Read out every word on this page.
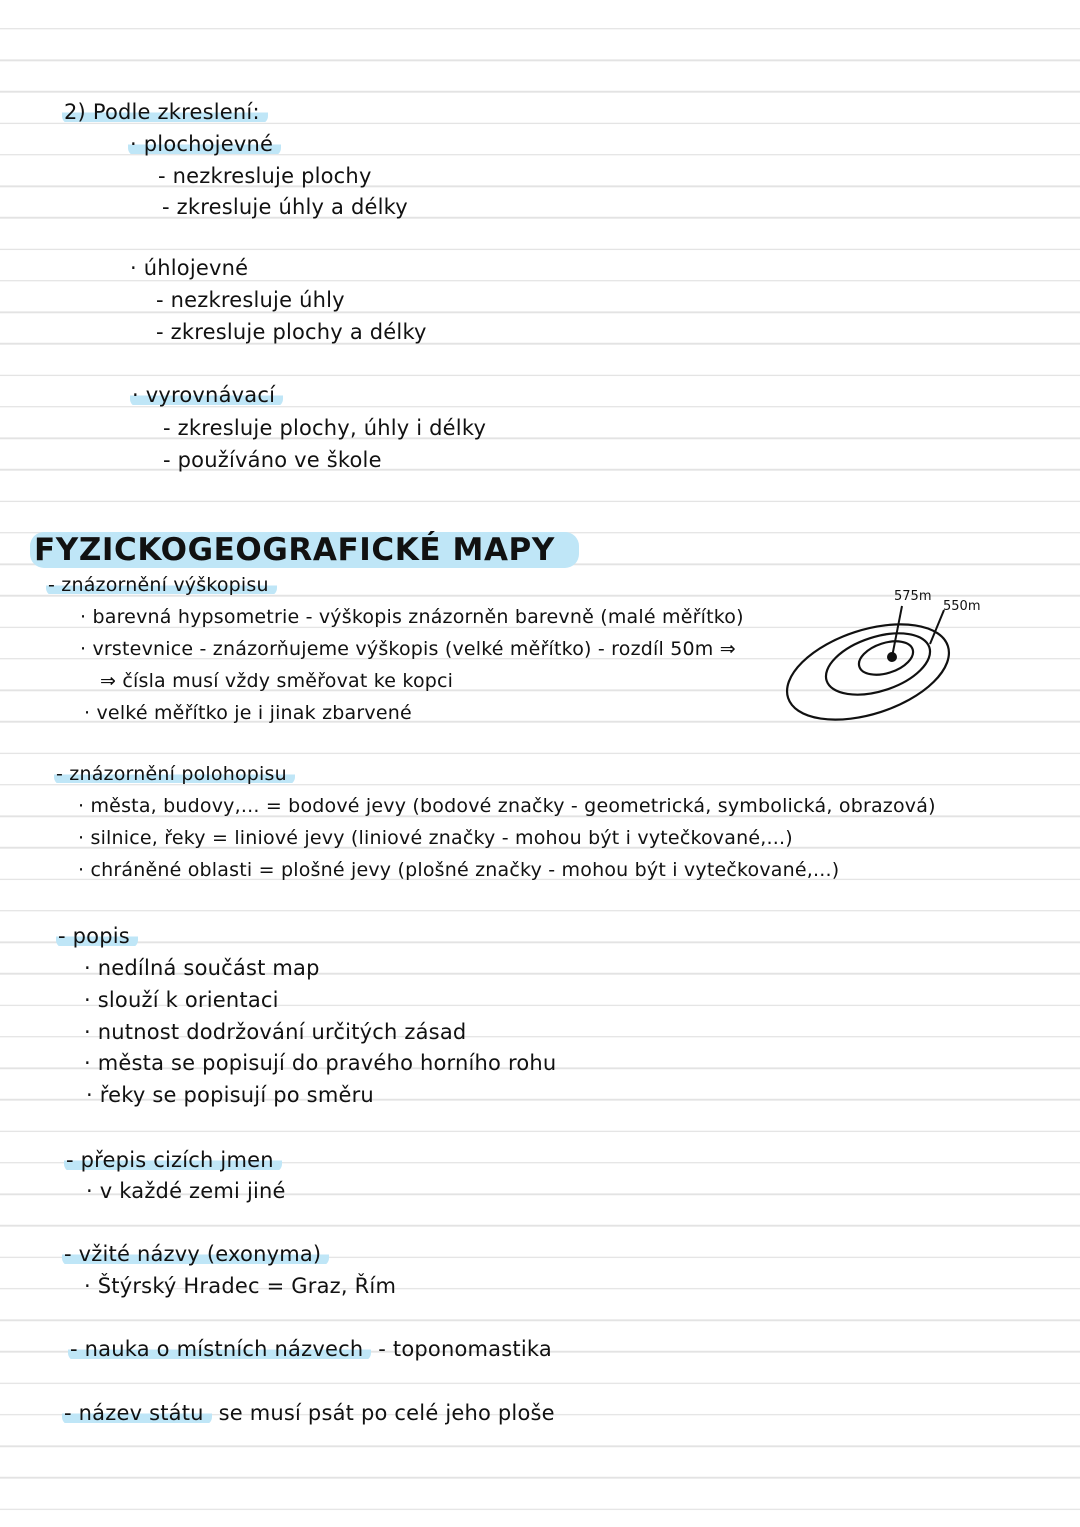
2) Podle zkreslení:
· plochojevné
- nezkresluje plochy
- zkresluje úhly a délky
· úhlojevné
- nezkresluje úhly
- zkresluje plochy a délky
· vyrovnávací
- zkresluje plochy, úhly i délky
- používáno ve škole
FYZICKOGEOGRAFICKÉ MAPY
- znázornění výškopisu
· barevná hypsometrie - výškopis znázorněn barevně (malé měřítko)
· vrstevnice - znázorňujeme výškopis (velké měřítko) - rozdíl 50m ⇒
⇒ čísla musí vždy směřovat ke kopci
· velké měřítko je i jinak zbarvené
575m
550m
- znázornění polohopisu
· města, budovy,... = bodové jevy (bodové značky - geometrická, symbolická, obrazová)
· silnice, řeky = liniové jevy (liniové značky - mohou být i vytečkované,...)
· chráněné oblasti = plošné jevy (plošné značky - mohou být i vytečkované,...)
- popis
· nedílná součást map
· slouží k orientaci
· nutnost dodržování určitých zásad
· města se popisují do pravého horního rohu
· řeky se popisují po směru
- přepis cizích jmen
· v každé zemi jiné
- vžité názvy (exonyma)
· Štýrský Hradec = Graz, Řím
- nauka o místních názvech - toponomastika
- název státu se musí psát po celé jeho ploše
